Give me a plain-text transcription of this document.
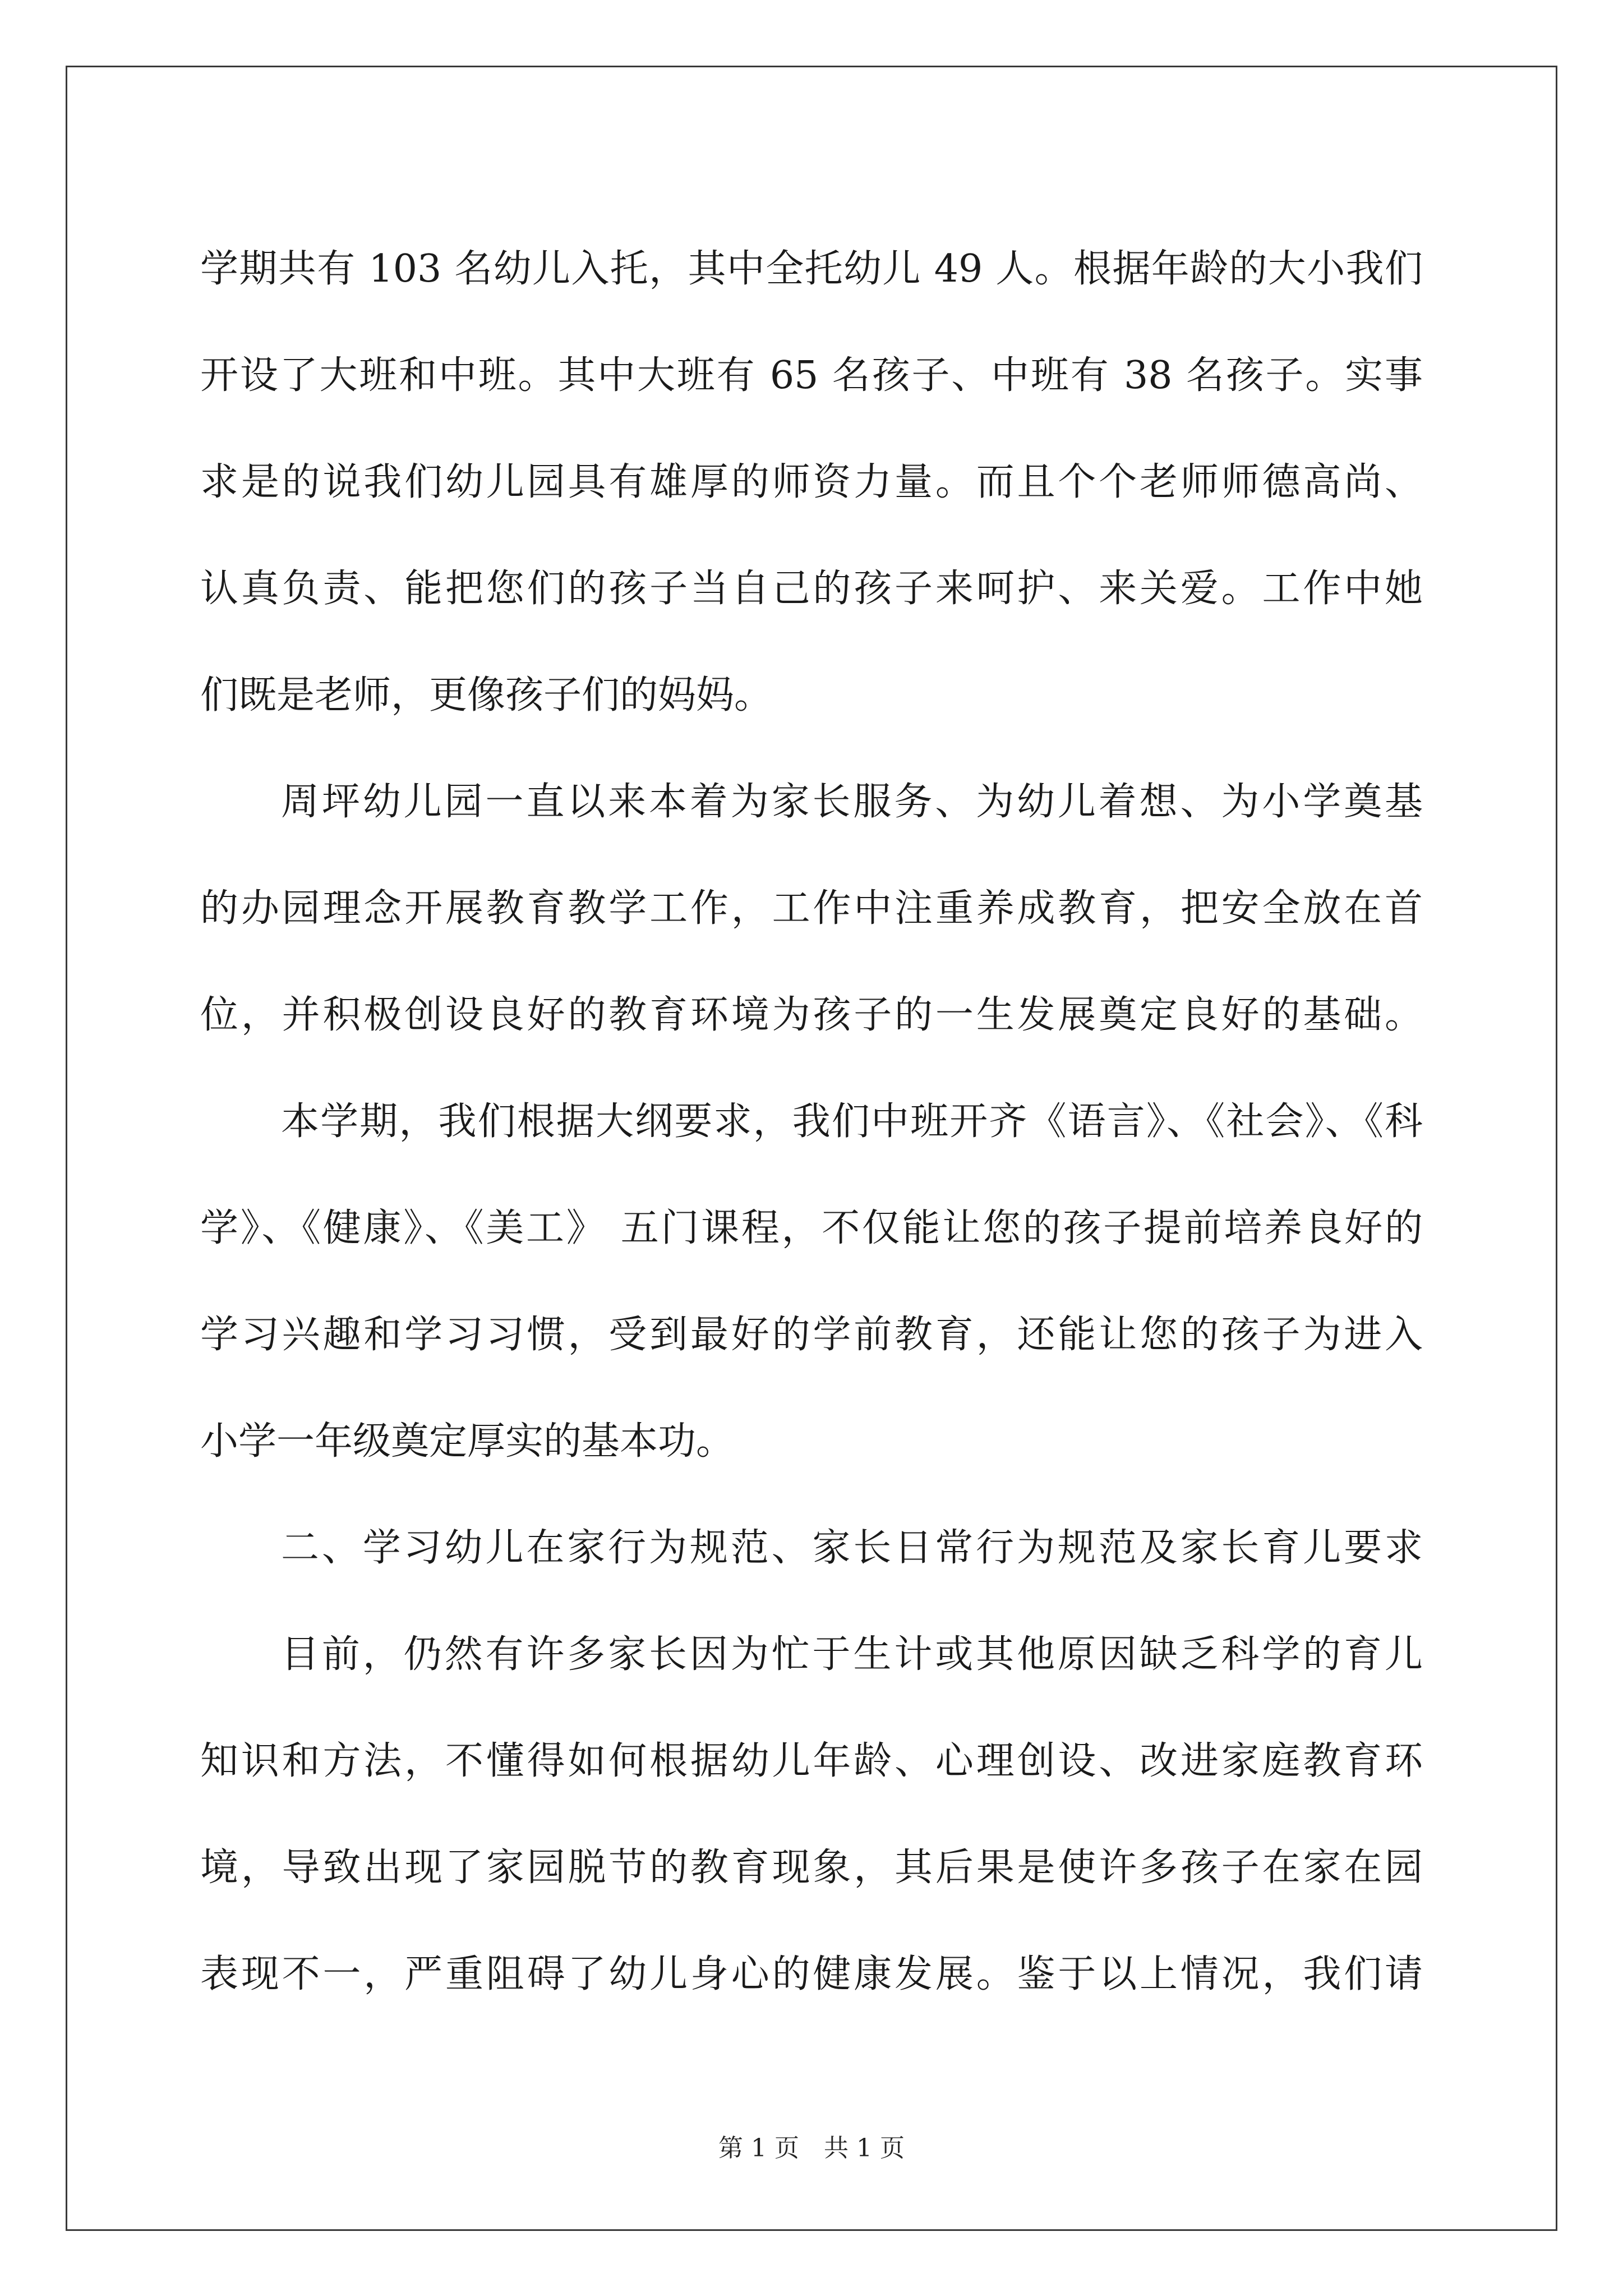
学期共有 103 名幼儿入托，其中全托幼儿 49 人。根据年龄的大小我们
开设了大班和中班。其中大班有 65 名孩子、中班有 38 名孩子。实事
求是的说我们幼儿园具有雄厚的师资力量。而且个个老师师德高尚、
认真负责、能把您们的孩子当自己的孩子来呵护、来关爱。工作中她
们既是老师，更像孩子们的妈妈。
周坪幼儿园一直以来本着为家长服务、为幼儿着想、为小学奠基
的办园理念开展教育教学工作，工作中注重养成教育，把安全放在首
位，并积极创设良好的教育环境为孩子的一生发展奠定良好的基础。
本学期，我们根据大纲要求，我们中班开齐《语言》、《社会》、《科
学》、《健康》、《美工》 五门课程，不仅能让您的孩子提前培养良好的
学习兴趣和学习习惯，受到最好的学前教育，还能让您的孩子为进入
小学一年级奠定厚实的基本功。
二、学习幼儿在家行为规范、家长日常行为规范及家长育儿要求
目前，仍然有许多家长因为忙于生计或其他原因缺乏科学的育儿
知识和方法，不懂得如何根据幼儿年龄、心理创设、改进家庭教育环
境，导致出现了家园脱节的教育现象，其后果是使许多孩子在家在园
表现不一，严重阻碍了幼儿身心的健康发展。鉴于以上情况，我们请
第 1 页 共 1 页
